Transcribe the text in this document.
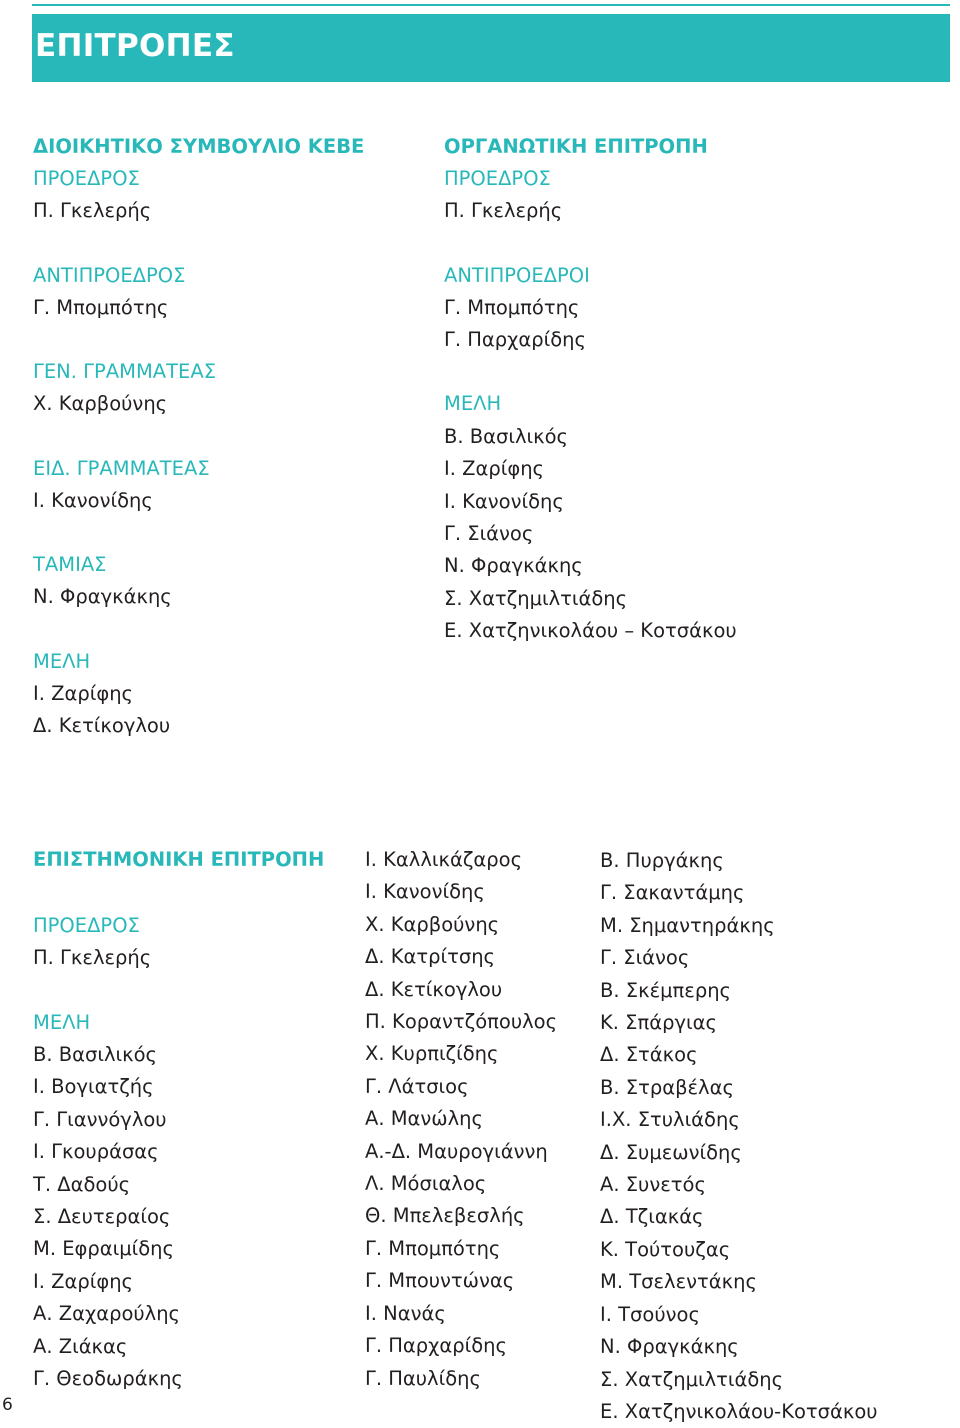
ΕΠΙΤΡΟΠΕΣ
ΔΙΟΙΚΗΤΙΚΟ ΣΥΜΒΟΥΛΙΟ ΚΕΒΕ
ΠΡΟΕΔΡΟΣ
Π. Γκελερής
ΑΝΤΙΠΡΟΕΔΡΟΣ
Γ. Μπομπότης
ΓΕΝ. ΓΡΑΜΜΑΤΕΑΣ
Χ. Καρβούνης
ΕΙΔ. ΓΡΑΜΜΑΤΕΑΣ
Ι. Κανονίδης
ΤΑΜΙΑΣ
Ν. Φραγκάκης
ΜΕΛΗ
Ι. Ζαρίφης
Δ. Κετίκογλου
ΟΡΓΑΝΩΤΙΚΗ ΕΠΙΤΡΟΠΗ
ΠΡΟΕΔΡΟΣ
Π. Γκελερής
ΑΝΤΙΠΡΟΕΔΡΟΙ
Γ. Μπομπότης
Γ. Παρχαρίδης
ΜΕΛΗ
Β. Βασιλικός
Ι. Ζαρίφης
Ι. Κανονίδης
Γ. Σιάνος
Ν. Φραγκάκης
Σ. Χατζημιλτιάδης
Ε. Χατζηνικολάου – Κοτσάκου
ΕΠΙΣΤΗΜΟΝΙΚΗ ΕΠΙΤΡΟΠΗ
ΠΡΟΕΔΡΟΣ
Π. Γκελερής
ΜΕΛΗ
Β. Βασιλικός
Ι. Βογιατζής
Γ. Γιαννόγλου
Ι. Γκουράσας
Τ. Δαδούς
Σ. Δευτεραίος
Μ. Εφραιμίδης
Ι. Ζαρίφης
Α. Ζαχαρούλης
Α. Ζιάκας
Γ. Θεοδωράκης
Ι. Καλλικάζαρος
Ι. Κανονίδης
Χ. Καρβούνης
Δ. Κατρίτσης
Δ. Κετίκογλου
Π. Κοραντζόπουλος
Χ. Κυρπιζίδης
Γ. Λάτσιος
Α. Μανώλης
Α.-Δ. Μαυρογιάννη
Λ. Μόσιαλος
Θ. Μπελεβεσλής
Γ. Μπομπότης
Γ. Μπουντώνας
Ι. Νανάς
Γ. Παρχαρίδης
Γ. Παυλίδης
Β. Πυργάκης
Γ. Σακαντάμης
Μ. Σημαντηράκης
Γ. Σιάνος
Β. Σκέμπερης
Κ. Σπάργιας
Δ. Στάκος
Β. Στραβέλας
Ι.Χ. Στυλιάδης
Δ. Συμεωνίδης
Α. Συνετός
Δ. Τζιακάς
Κ. Τούτουζας
Μ. Τσελεντάκης
Ι. Τσούνος
Ν. Φραγκάκης
Σ. Χατζημιλτιάδης
Ε. Χατζηνικολάου-Κοτσάκου
6
